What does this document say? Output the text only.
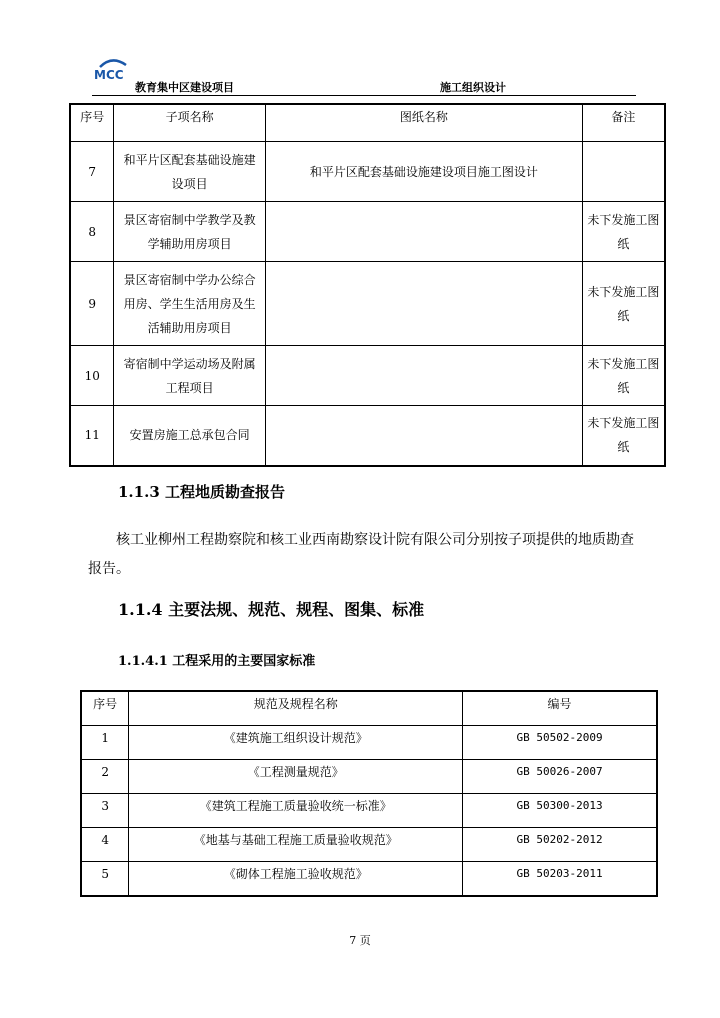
MCC
教育集中区建设项目	施工组织设计
序号	子项名称	图纸名称	备注
7	和平片区配套基础设施建设项目	和平片区配套基础设施建设项目施工图设计	
8	景区寄宿制中学教学及教学辅助用房项目		未下发施工图纸
9	景区寄宿制中学办公综合用房、学生生活用房及生活辅助用房项目		未下发施工图纸
10	寄宿制中学运动场及附属工程项目		未下发施工图纸
11	安置房施工总承包合同		未下发施工图纸
1.1.3 工程地质勘查报告
核工业柳州工程勘察院和核工业西南勘察设计院有限公司分别按子项提供的地质勘查报告。
1.1.4 主要法规、规范、规程、图集、标准
1.1.4.1 工程采用的主要国家标准
序号	规范及规程名称	编号
1	《建筑施工组织设计规范》	GB 50502-2009
2	《工程测量规范》	GB 50026-2007
3	《建筑工程施工质量验收统一标准》	GB 50300-2013
4	《地基与基础工程施工质量验收规范》	GB 50202-2012
5	《砌体工程施工验收规范》	GB 50203-2011
7 页
